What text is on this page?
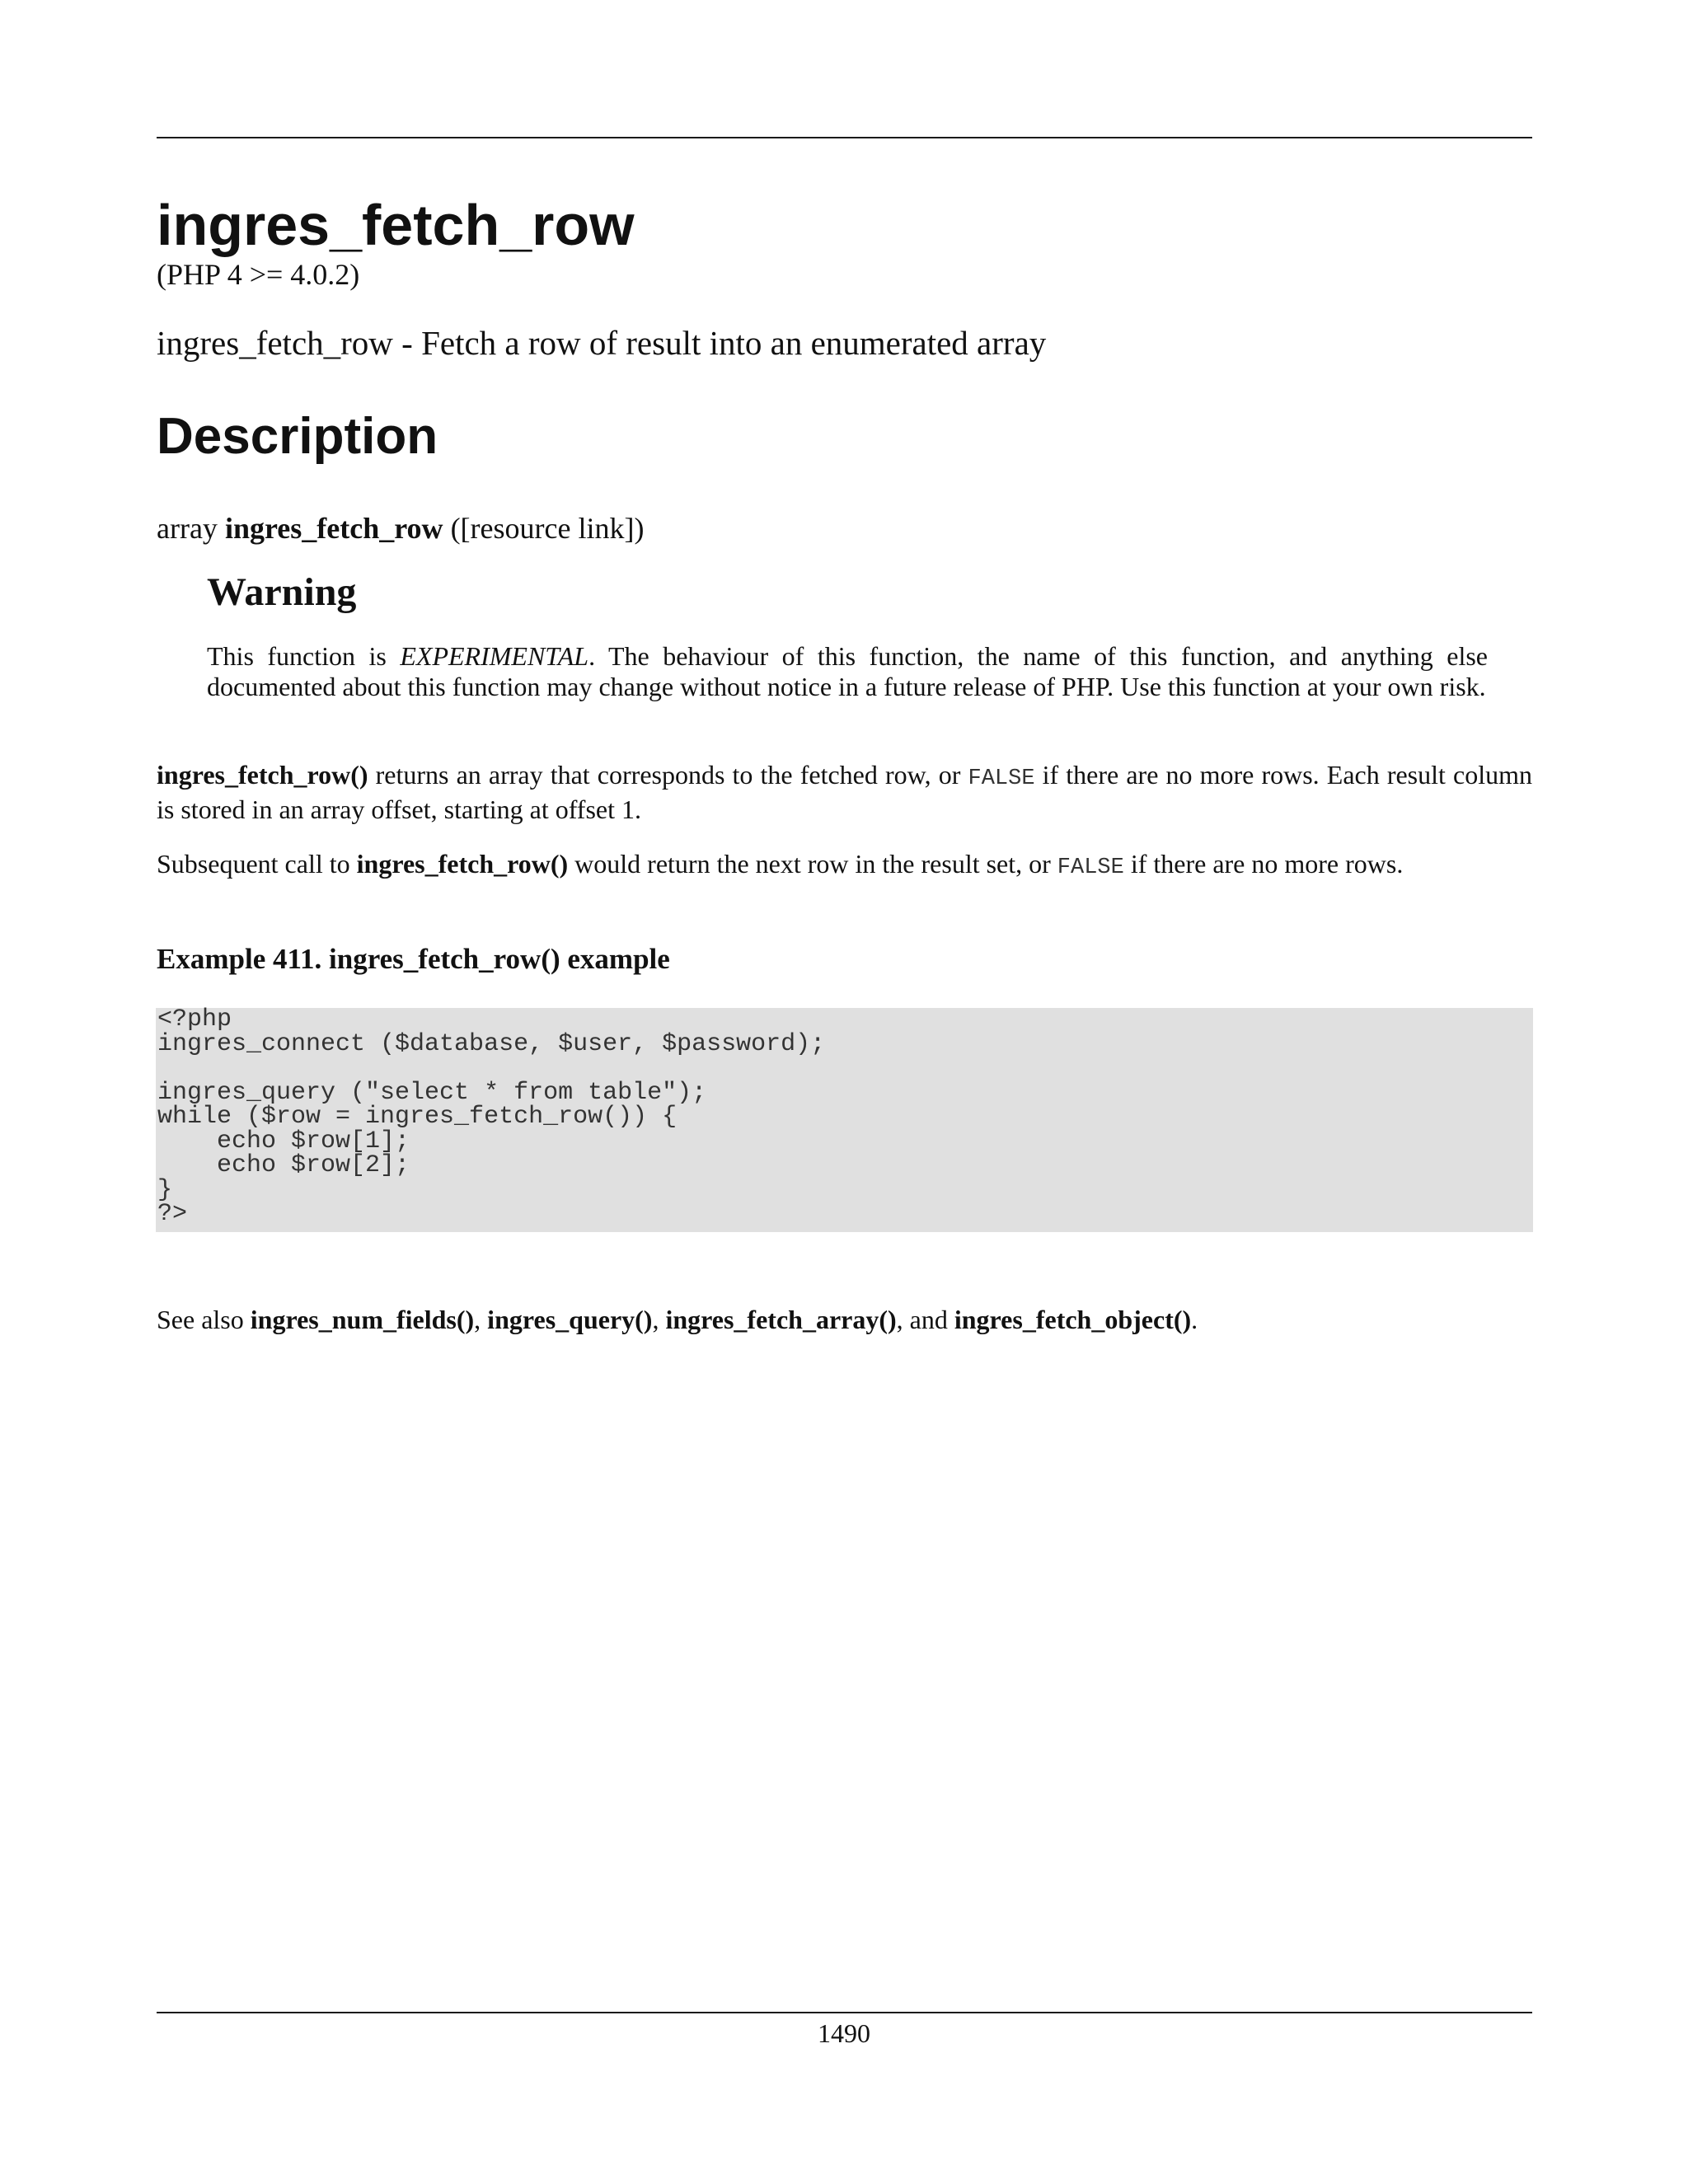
ingres_fetch_row
(PHP 4 >= 4.0.2)
ingres_fetch_row - Fetch a row of result into an enumerated array
Description
array ingres_fetch_row ([resource link])
Warning
This function is EXPERIMENTAL. The behaviour of this function, the name of this function, and anything else documented about this function may change without notice in a future release of PHP. Use this function at your own risk.
ingres_fetch_row() returns an array that corresponds to the fetched row, or FALSE if there are no more rows. Each result column is stored in an array offset, starting at offset 1.
Subsequent call to ingres_fetch_row() would return the next row in the result set, or FALSE if there are no more rows.
Example 411. ingres_fetch_row() example
<?php
ingres_connect ($database, $user, $password);
ingres_query ("select * from table");
while ($row = ingres_fetch_row()) {
echo $row[1];
echo $row[2];
}
?>
See also ingres_num_fields(), ingres_query(), ingres_fetch_array(), and ingres_fetch_object().
1490
